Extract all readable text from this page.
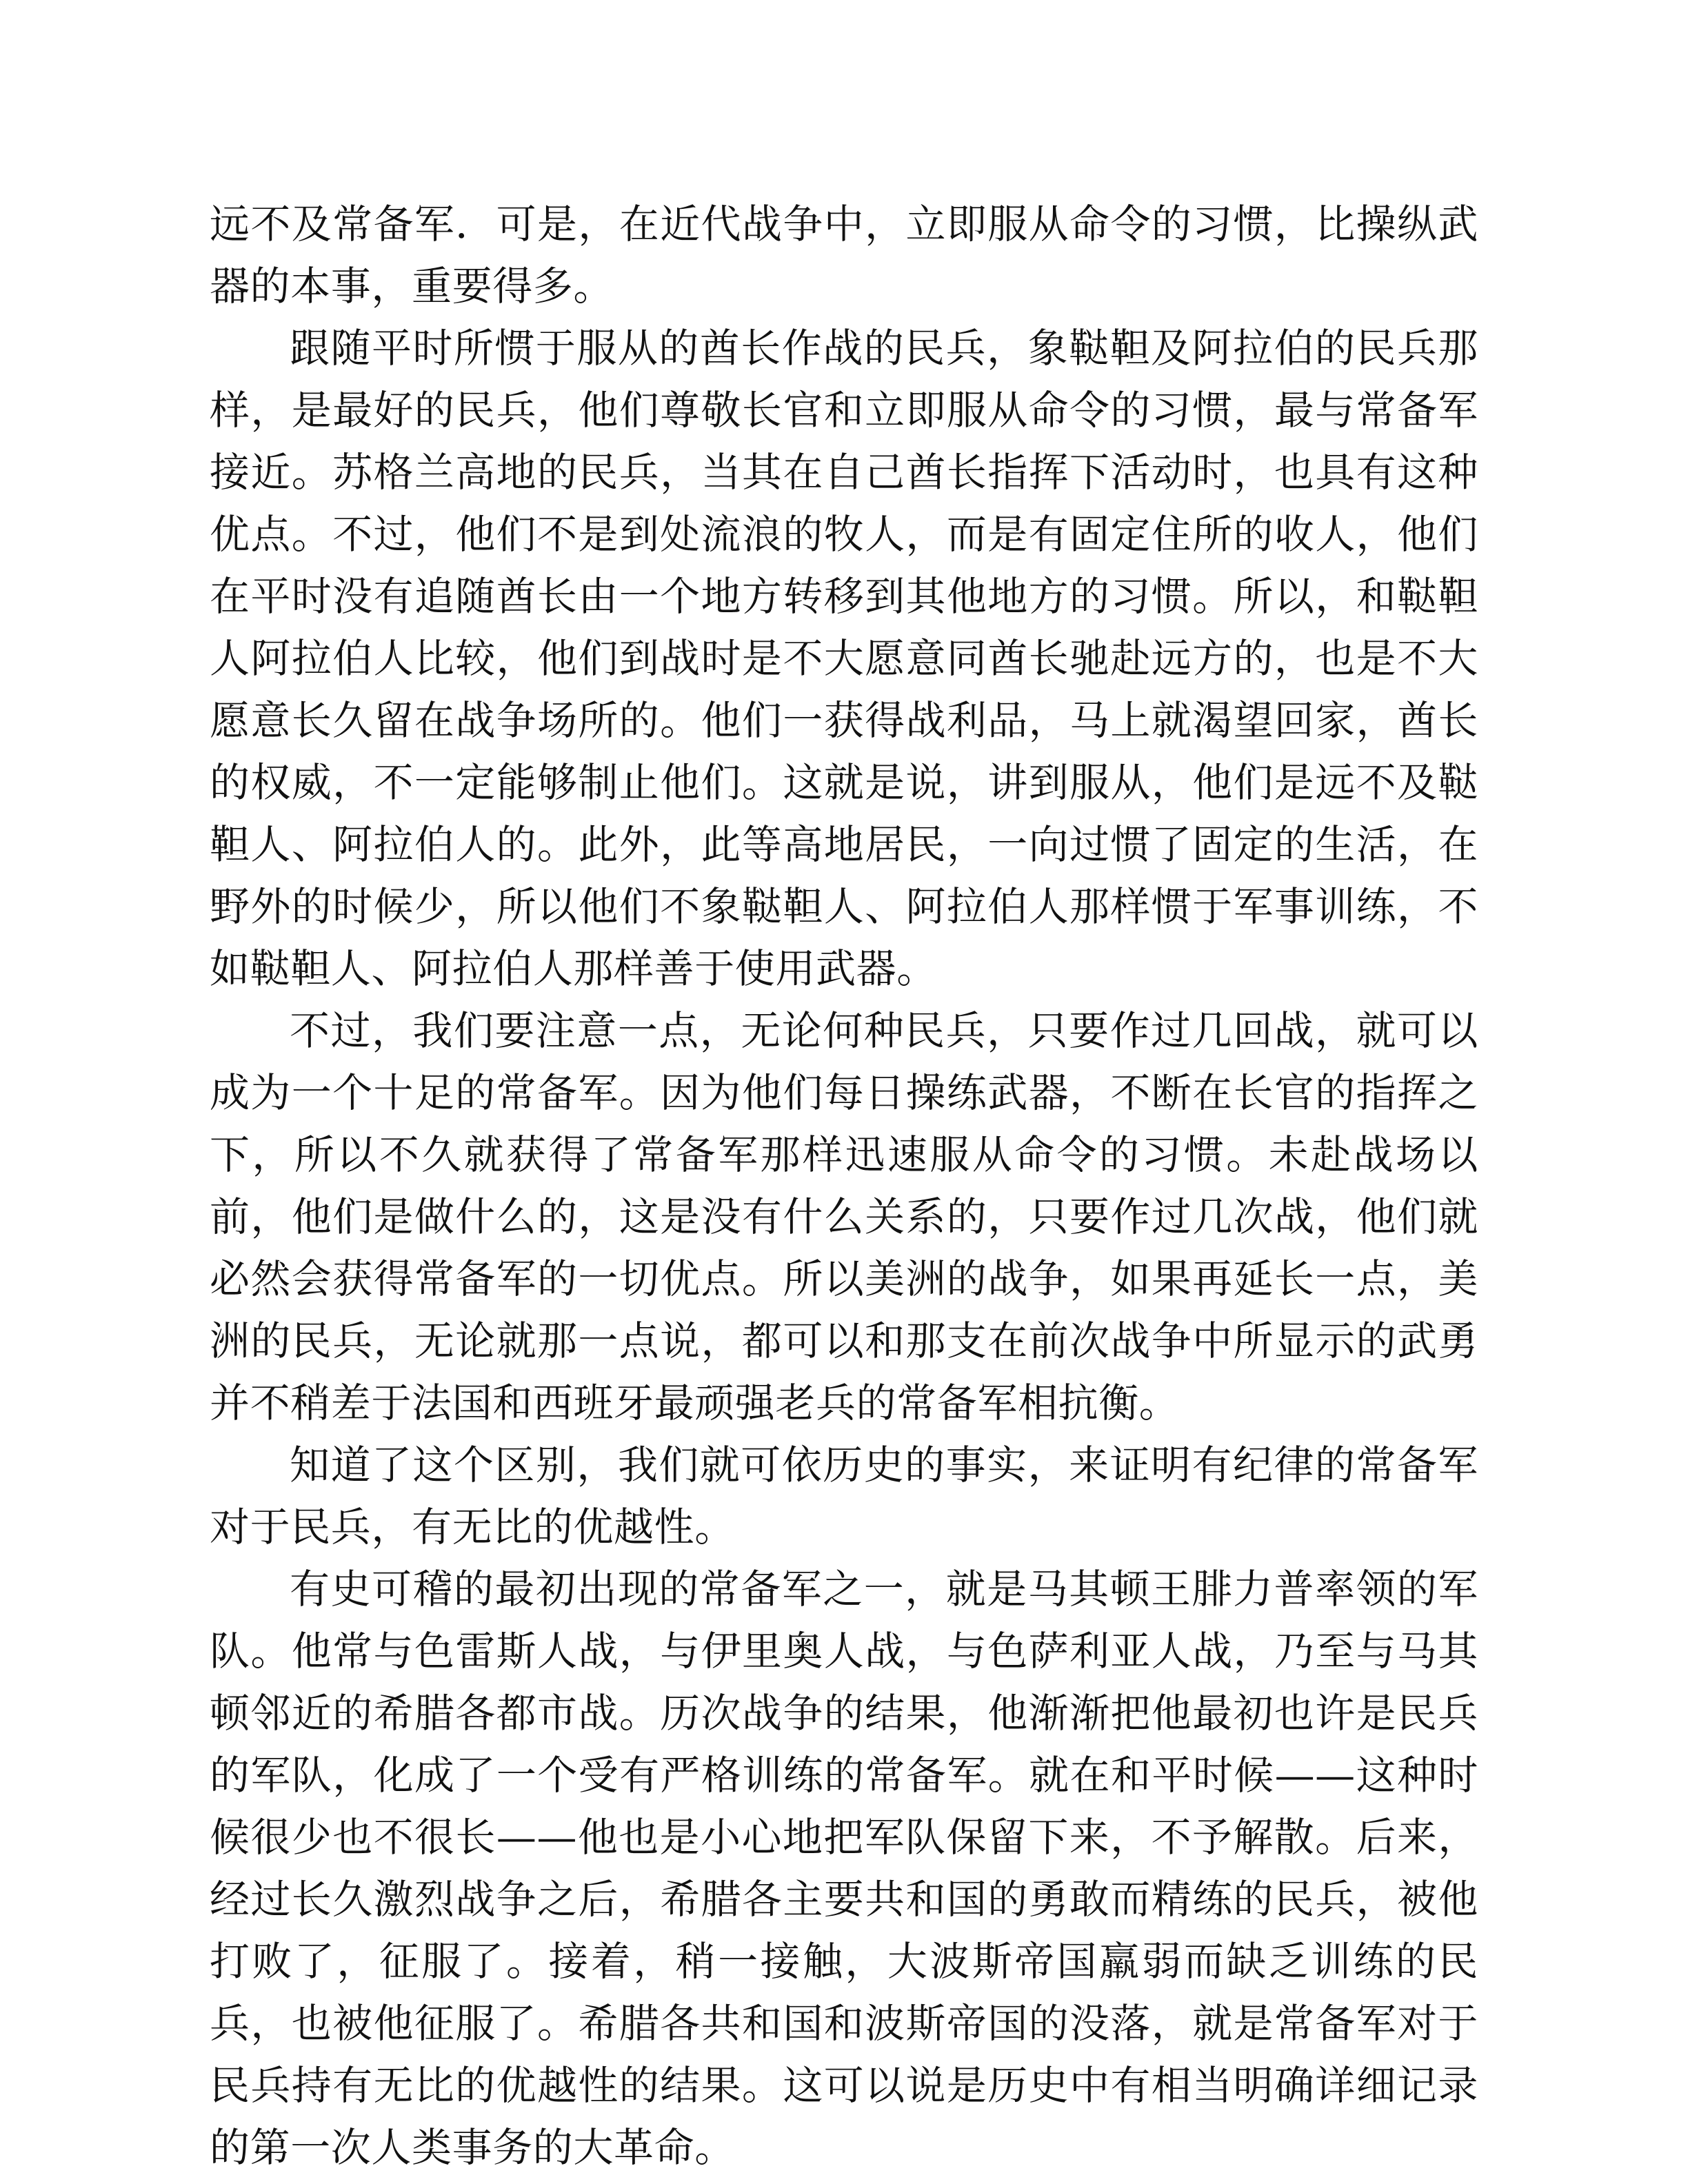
远不及常备军．可是，在近代战争中，立即服从命令的习惯，比操纵武器的本事，重要得多。

跟随平时所惯于服从的酋长作战的民兵，象鞑靼及阿拉伯的民兵那样，是最好的民兵，他们尊敬长官和立即服从命令的习惯，最与常备军接近。苏格兰高地的民兵，当其在自己酋长指挥下活动时，也具有这种优点。不过，他们不是到处流浪的牧人，而是有固定住所的收人，他们在平时没有追随酋长由一个地方转移到其他地方的习惯。所以，和鞑靼人阿拉伯人比较，他们到战时是不大愿意同酋长驰赴远方的，也是不大愿意长久留在战争场所的。他们一获得战利品，马上就渴望回家，酋长的权威，不一定能够制止他们。这就是说，讲到服从，他们是远不及鞑靼人、阿拉伯人的。此外，此等高地居民，一向过惯了固定的生活，在野外的时候少，所以他们不象鞑靼人、阿拉伯人那样惯于军事训练，不如鞑靼人、阿拉伯人那样善于使用武器。

不过，我们要注意一点，无论何种民兵，只要作过几回战，就可以成为一个十足的常备军。因为他们每日操练武器，不断在长官的指挥之下，所以不久就获得了常备军那样迅速服从命令的习惯。未赴战场以前，他们是做什么的，这是没有什么关系的，只要作过几次战，他们就必然会获得常备军的一切优点。所以美洲的战争，如果再延长一点，美洲的民兵，无论就那一点说，都可以和那支在前次战争中所显示的武勇并不稍差于法国和西班牙最顽强老兵的常备军相抗衡。

知道了这个区别，我们就可依历史的事实，来证明有纪律的常备军对于民兵，有无比的优越性。

有史可稽的最初出现的常备军之一，就是马其顿王腓力普率领的军队。他常与色雷斯人战，与伊里奥人战，与色萨利亚人战，乃至与马其顿邻近的希腊各都市战。历次战争的结果，他渐渐把他最初也许是民兵的军队，化成了一个受有严格训练的常备军。就在和平时候——这种时候很少也不很长——他也是小心地把军队保留下来，不予解散。后来，经过长久激烈战争之后，希腊各主要共和国的勇敢而精练的民兵，被他打败了，征服了。接着，稍一接触，大波斯帝国羸弱而缺乏训练的民兵，也被他征服了。希腊各共和国和波斯帝国的没落，就是常备军对于民兵持有无比的优越性的结果。这可以说是历史中有相当明确详细记录的第一次人类事务的大革命。
